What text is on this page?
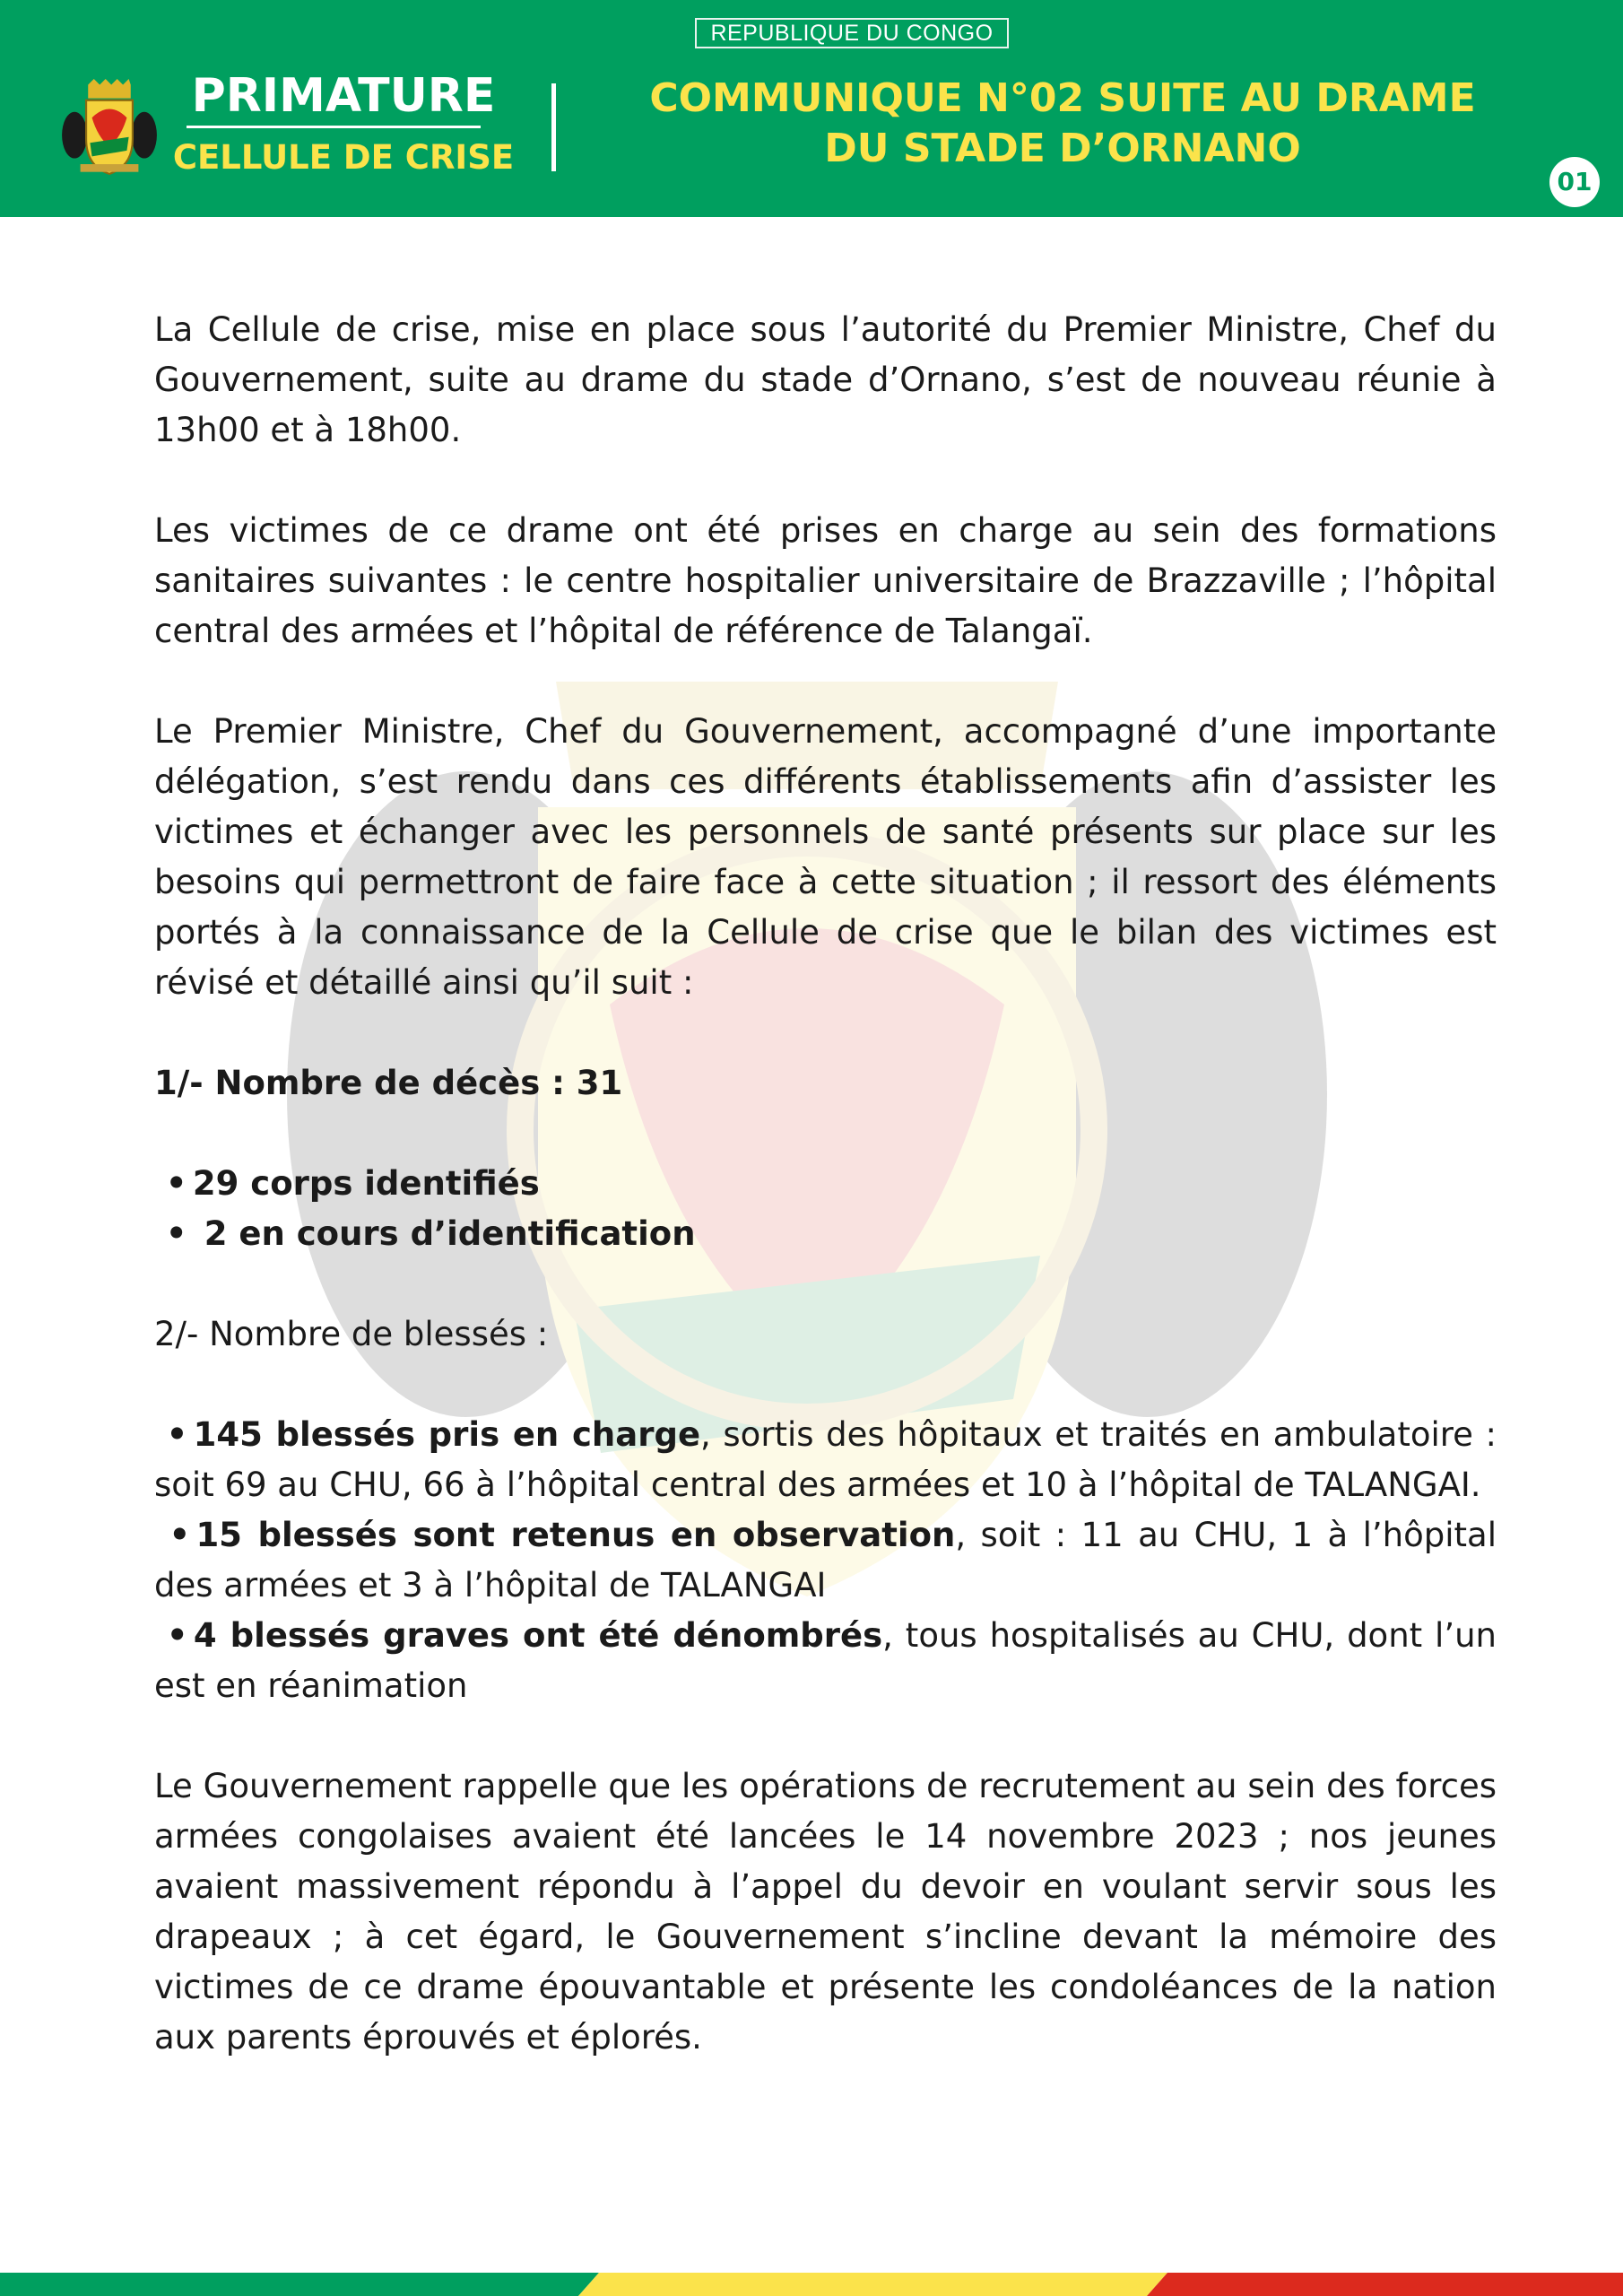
REPUBLIQUE DU CONGO
PRIMATURE
CELLULE DE CRISE
COMMUNIQUE N°02 SUITE AU DRAME
DU STADE D’ORNANO
01

La Cellule de crise, mise en place sous l’autorité du Premier Ministre, Chef du Gouvernement, suite au drame du stade d’Ornano, s’est de nouveau réunie à 13h00 et à 18h00.

Les victimes de ce drame ont été prises en charge au sein des formations sanitaires suivantes : le centre hospitalier universitaire de Brazzaville ; l’hôpital central des armées et l’hôpital de référence de Talangaï.

Le Premier Ministre, Chef du Gouvernement, accompagné d’une importante délégation, s’est rendu dans ces différents établissements afin d’assister les victimes et échanger avec les personnels de santé présents sur place sur les besoins qui permettront de faire face à cette situation ; il ressort des éléments portés à la connaissance de la Cellule de crise que le bilan des victimes est révisé et détaillé ainsi qu’il suit :

1/- Nombre de décès : 31

• 29 corps identifiés

• 2 en cours d’identification

2/- Nombre de blessés :

• 145 blessés pris en charge, sortis des hôpitaux et traités en ambulatoire : soit 69 au CHU, 66 à l’hôpital central des armées et 10 à l’hôpital de TALANGAI.

• 15 blessés sont retenus en observation, soit : 11 au CHU, 1 à l’hôpital des armées et 3 à l’hôpital de TALANGAI

• 4 blessés graves ont été dénombrés, tous hospitalisés au CHU, dont l’un est en réanimation

Le Gouvernement rappelle que les opérations de recrutement au sein des forces armées congolaises avaient été lancées le 14 novembre 2023 ; nos jeunes avaient massivement répondu à l’appel du devoir en voulant servir sous les drapeaux ; à cet égard, le Gouvernement s’incline devant la mémoire des victimes de ce drame épouvantable et présente les condoléances de la nation aux parents éprouvés et éplorés.
